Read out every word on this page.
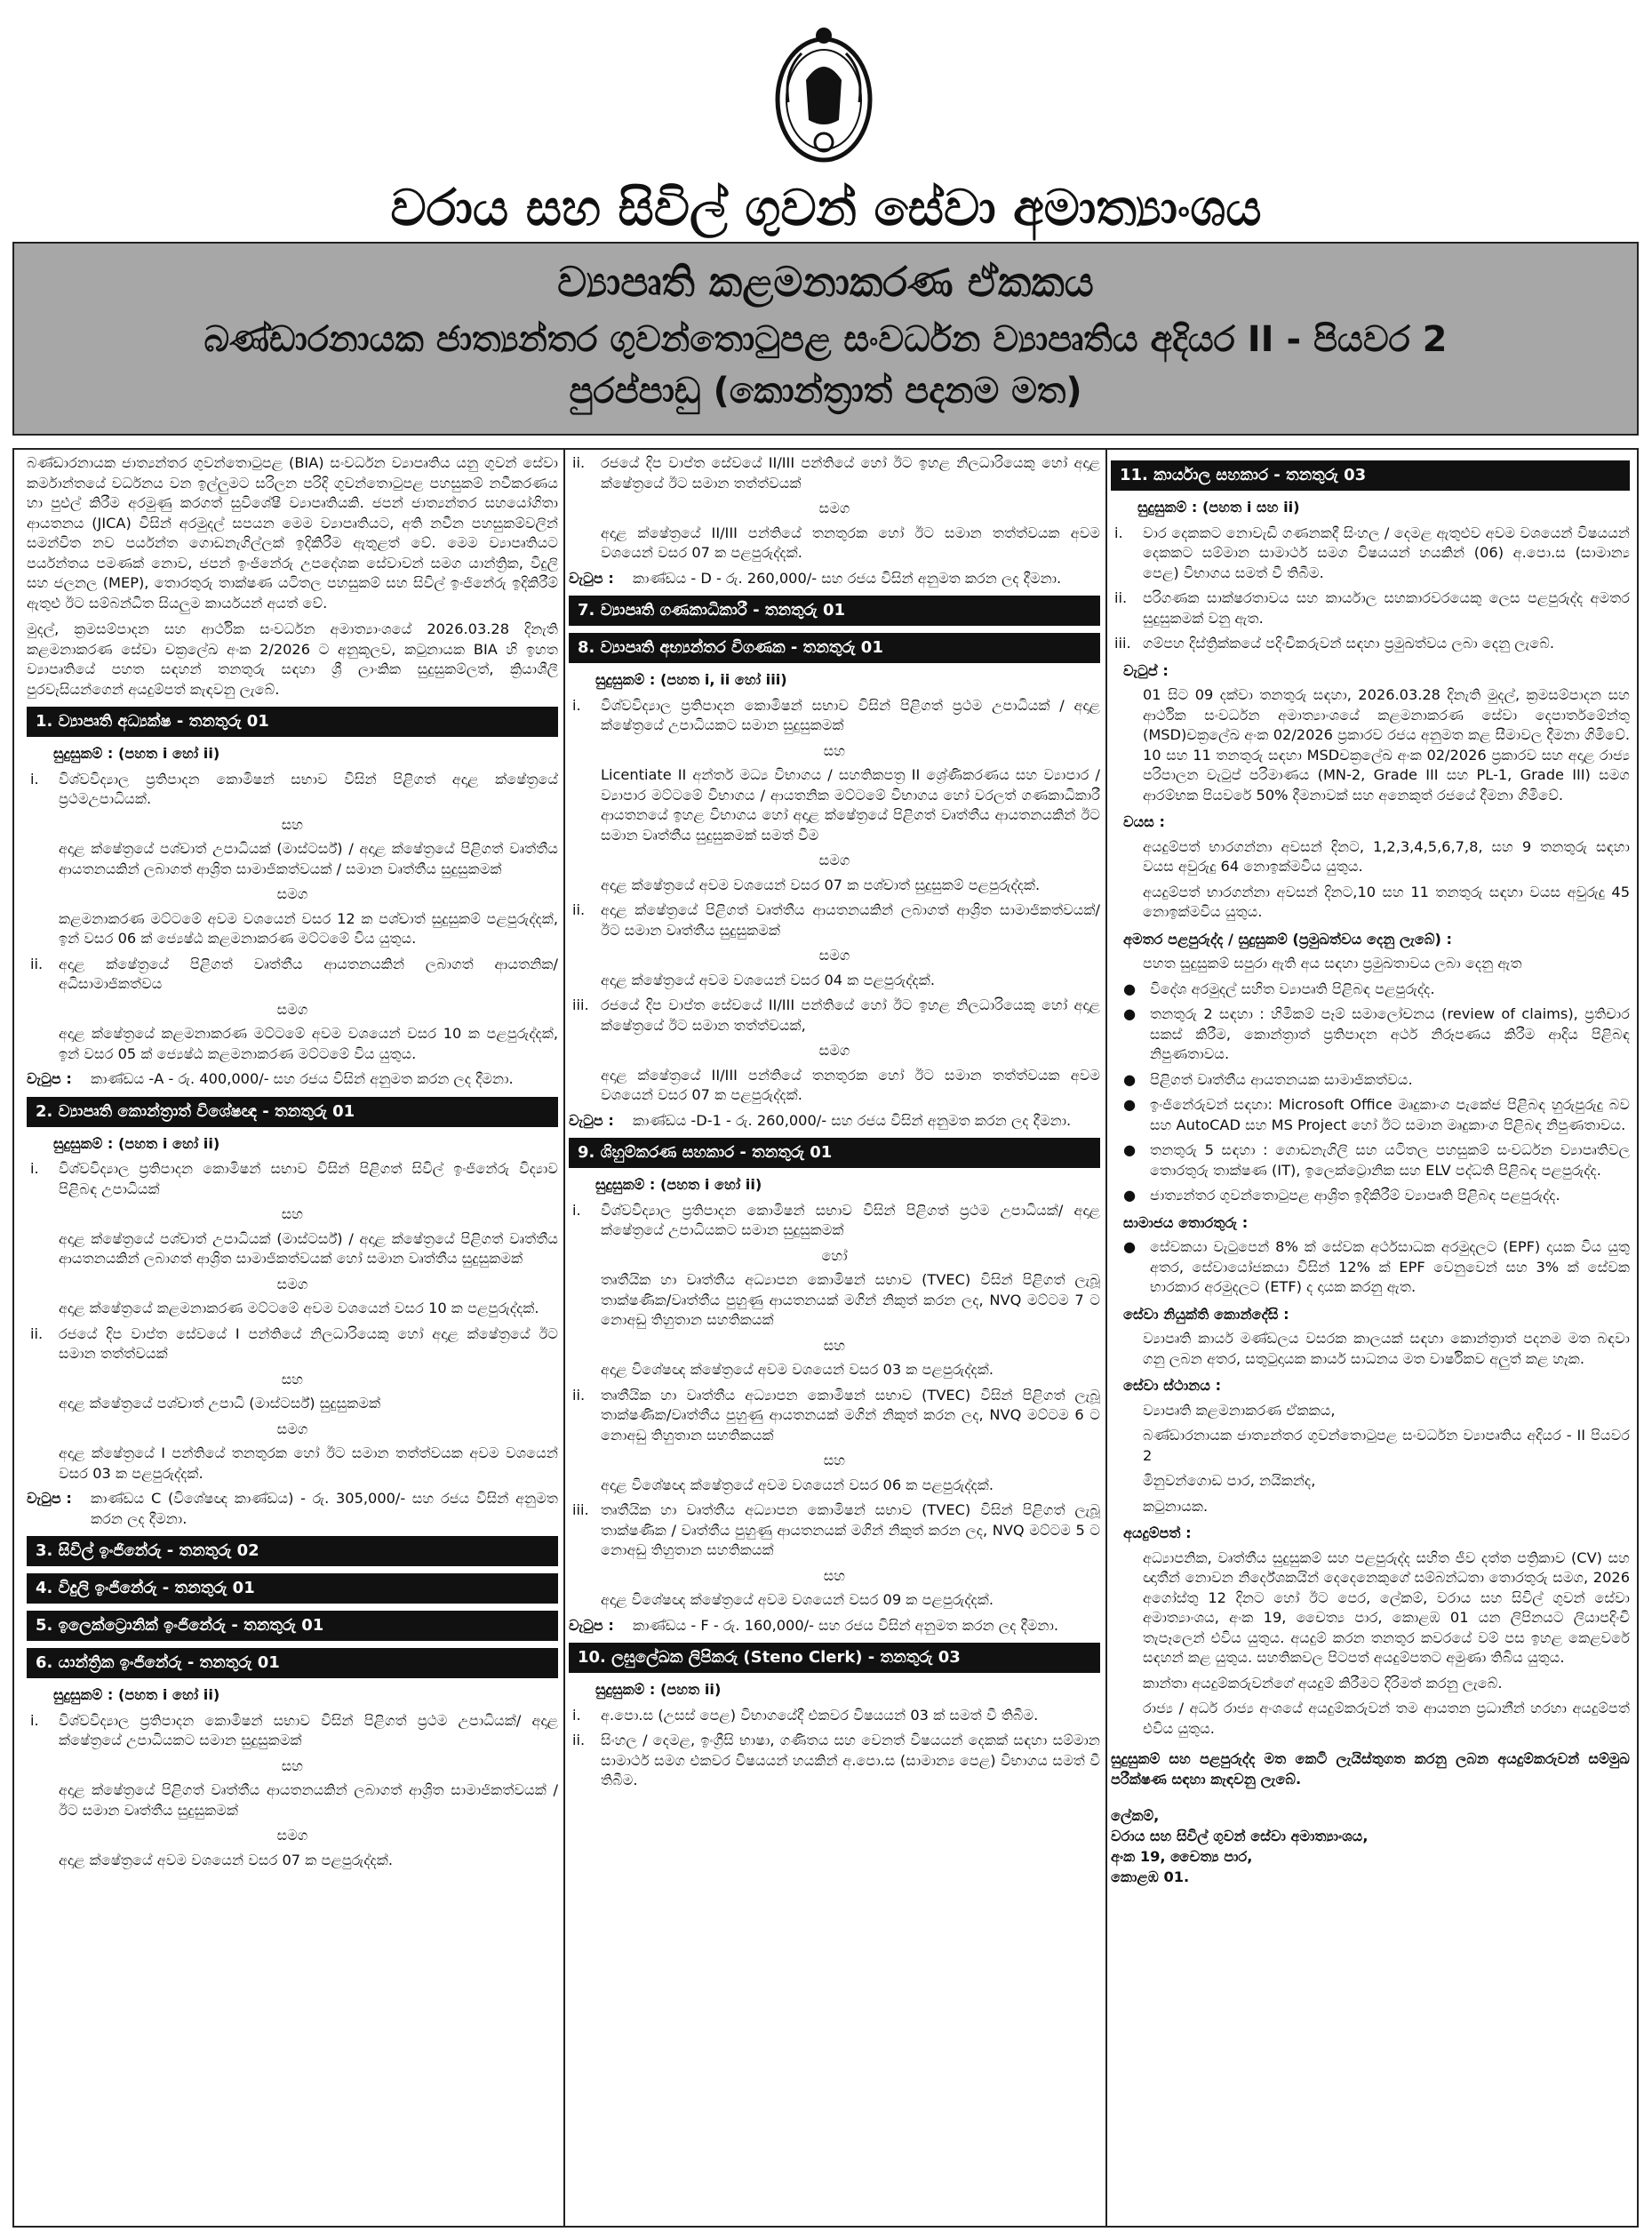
වරාය සහ සිවිල් ගුවන් සේවා අමාත්‍යාංශය
ව්‍යාපෘති කළමනාකරණ ඒකකය
බණ්ඩාරනායක ජාත්‍යන්තර ගුවන්තොටුපළ සංවර්ධන ව්‍යාපෘතිය අදියර II - පියවර 2
පුරප්පාඩු (කොන්ත්‍රාත් පදනම මත)

බණ්ඩාරනායක ජාත්‍යන්තර ගුවන්තොටුපළ (BIA) සංවර්ධන ව්‍යාපෘතිය යනු ගුවන් සේවා කර්මාන්තයේ වර්ධනය වන ඉල්ලුමට සරිලන පරිදි ගුවන්තොටුපළ පහසුකම් නවීකරණය හා පුළුල් කිරීම අරමුණු කරගත් සුවිශේෂී ව්‍යාපෘතියකි. ජපන් ජාත්‍යන්තර සහයෝගිතා ආයතනය (JICA) විසින් අරමුදල් සපයන මෙම ව්‍යාපෘතියට, අති නවීන පහසුකම්වලින් සමන්විත නව පර්යන්ත ගොඩනැගිල්ලක් ඉදිකිරීම ඇතුළත් වේ. මෙම ව්‍යාපෘතියට පර්යන්තය පමණක් නොව, ජපන් ඉංජිනේරු උපදේශක සේවාවන් සමග යාන්ත්‍රික, විදුලි සහ ජලනල (MEP), තොරතුරු තාක්ෂණ යටිතල පහසුකම් සහ සිවිල් ඉංජිනේරු ඉදිකිරීම් ඇතුළු ඊට සම්බන්ධිත සියලුම කාර්යයන් අයත් වේ.

මුදල්, ක්‍රමසම්පාදන සහ ආර්ථික සංවර්ධන අමාත්‍යාංශයේ 2026.03.28 දිනැති කළමනාකරණ සේවා චක්‍රලේඛ අංක 2/2026 ට අනුකූලව, කටුනායක BIA හි ඉහත ව්‍යාපෘතියේ පහත සඳහන් තනතුරු සඳහා ශ්‍රී ලාංකික සුදුසුකම්ලත්, ක්‍රියාශීලී පුරවැසියන්ගෙන් අයදුම්පත් කැඳවනු ලැබේ.

1. ව්‍යාපෘති අධ්‍යක්ෂ - තනතුරු 01
සුදුසුකම් : (පහත i හෝ ii)
i.	විශ්වවිද්‍යාල ප්‍රතිපාදන කොමිෂන් සභාව විසින් පිළිගත් අදාළ ක්ෂේත්‍රයේ ප්‍රථමඋපාධියක්.
සහ
අදාළ ක්ෂේත්‍රයේ පශ්චාත් උපාධියක් (මාස්ටර්ස්) / අදාළ ක්ෂේත්‍රයේ පිළිගත් වෘත්තීය ආයතනයකින් ලබාගත් ආශ්‍රිත සාමාජිකත්වයක් / සමාන වෘත්තීය සුදුසුකමක්
සමග
කළමනාකරණ මට්ටමේ අවම වශයෙන් වසර 12 ක පශ්චාත් සුදුසුකම් පළපුරුද්දක්, ඉන් වසර 06 ක් ජ්‍යෙෂ්ඨ කළමනාකරණ මට්ටමේ විය යුතුය.
ii.	අදාළ ක්ෂේත්‍රයේ පිළිගත් වෘත්තීය ආයතනයකින් ලබාගත් ආයතනික/ අධිසාමාජිකත්වය
සමග
අදාළ ක්ෂේත්‍රයේ කළමනාකරණ මට්ටමේ අවම වශයෙන් වසර 10 ක පළපුරුද්දක්, ඉන් වසර 05 ක් ජ්‍යෙෂ්ඨ කළමනාකරණ මට්ටමේ විය යුතුය.
වැටුප :	කාණ්ඩය -A - රු. 400,000/- සහ රජය විසින් අනුමත කරන ලද දීමනා.
2. ව්‍යාපෘති කොන්ත්‍රාත් විශේෂඥ - තනතුරු 01
සුදුසුකම් : (පහත i හෝ ii)
i.	විශ්වවිද්‍යාල ප්‍රතිපාදන කොමිෂන් සභාව විසින් පිළිගත් සිවිල් ඉංජිනේරු විද්‍යාව පිළිබඳ උපාධියක්
සහ
අදාළ ක්ෂේත්‍රයේ පශ්චාත් උපාධියක් (මාස්ටර්ස්) / අදාළ ක්ෂේත්‍රයේ පිළිගත් වෘත්තීය ආයතනයකින් ලබාගත් ආශ්‍රිත සාමාජිකත්වයක් හෝ සමාන වෘත්තීය සුදුසුකමක්
සමග
අදාළ ක්ෂේත්‍රයේ කළමනාකරණ මට්ටමේ අවම වශයෙන් වසර 10 ක පළපුරුද්දක්.
ii.	රජයේ දිප වාප්ත සේවයේ I පන්තියේ නිලධාරියෙකු හෝ අදාළ ක්ෂේත්‍රයේ ඊට සමාන තත්ත්වයක්
සහ
අදාළ ක්ෂේත්‍රයේ පශ්චාත් උපාධි (මාස්ටර්ස්) සුදුසුකමක්
සමග
අදාළ ක්ෂේත්‍රයේ I පන්තියේ තනතුරක හෝ ඊට සමාන තත්ත්වයක අවම වශයෙන් වසර 03 ක පළපුරුද්දක්.
වැටුප :	කාණ්ඩය C (විශේෂඥ කාණ්ඩය) - රු. 305,000/- සහ රජය විසින් අනුමත කරන ලද දීමනා.
3. සිවිල් ඉංජිනේරු - තනතුරු 02
4. විදුලි ඉංජිනේරු - තනතුරු 01
5. ඉලෙක්ට්‍රොනික් ඉංජිනේරු - තනතුරු 01
6. යාන්ත්‍රික ඉංජිනේරු - තනතුරු 01
සුදුසුකම් : (පහත i හෝ ii)
i.	විශ්වවිද්‍යාල ප්‍රතිපාදන කොමිෂන් සභාව විසින් පිළිගත් ප්‍රථම උපාධියක්/ අදාළ ක්ෂේත්‍රයේ උපාධියකට සමාන සුදුසුකමක්
සහ
අදාළ ක්ෂේත්‍රයේ පිළිගත් වෘත්තීය ආයතනයකින් ලබාගත් ආශ්‍රිත සාමාජිකත්වයක් / ඊට සමාන වෘත්තීය සුදුසුකමක්
සමග
අදාළ ක්ෂේත්‍රයේ අවම වශයෙන් වසර 07 ක පළපුරුද්දක්.
ii.	රජයේ දිප වාප්ත සේවයේ II/III පන්තියේ හෝ ඊට ඉහළ නිලධාරියෙකු හෝ අදාළ ක්ෂේත්‍රයේ ඊට සමාන තත්ත්වයක්
සමග
අදාළ ක්ෂේත්‍රයේ II/III පන්තියේ තනතුරක හෝ ඊට සමාන තත්ත්වයක අවම වශයෙන් වසර 07 ක පළපුරුද්දක්.
වැටුප :	කාණ්ඩය - D - රු. 260,000/- සහ රජය විසින් අනුමත කරන ලද දීමනා.
7. ව්‍යාපෘති ගණකාධිකාරී - තනතුරු 01
8. ව්‍යාපෘති අභ්‍යන්තර විගණක - තනතුරු 01
සුදුසුකම් : (පහත i, ii හෝ iii)
i.	විශ්වවිද්‍යාල ප්‍රතිපාදන කොමිෂන් සභාව විසින් පිළිගත් ප්‍රථම උපාධියක් / අදාළ ක්ෂේත්‍රයේ උපාධියකට සමාන සුදුසුකමක්
සහ
Licentiate II අන්තර් මධ්‍ය විභාගය / සහතිකපත්‍ර II ශ්‍රේණිකරණය සහ ව්‍යාපාර / ව්‍යාපාර මට්ටමේ විභාගය / ආයතනික මට්ටමේ විභාගය හෝ වරලත් ගණකාධිකාරී ආයතනයේ ඉහළ විභාගය හෝ අදාළ ක්ෂේත්‍රයේ පිළිගත් වෘත්තීය ආයතනයකින් ඊට සමාන වෘත්තීය සුදුසුකමක් සමත් වීම
සමග
අදාළ ක්ෂේත්‍රයේ අවම වශයෙන් වසර 07 ක පශ්චාත් සුදුසුකම් පළපුරුද්දක්.
ii.	අදාළ ක්ෂේත්‍රයේ පිළිගත් වෘත්තීය ආයතනයකින් ලබාගත් ආශ්‍රිත සාමාජිකත්වයක්/ ඊට සමාන වෘත්තීය සුදුසුකමක්
සමග
අදාළ ක්ෂේත්‍රයේ අවම වශයෙන් වසර 04 ක පළපුරුද්දක්.
iii. රජයේ දිප වාප්ත සේවයේ II/III පන්තියේ හෝ ඊට ඉහළ නිලධාරියෙකු හෝ අදාළ ක්ෂේත්‍රයේ ඊට සමාන තත්ත්වයක්,
සමග
අදාළ ක්ෂේත්‍රයේ II/III පන්තියේ තනතුරක හෝ ඊට සමාන තත්ත්වයක අවම වශයෙන් වසර 07 ක පළපුරුද්දක්.
වැටුප :	කාණ්ඩය -D-1 - රු. 260,000/- සහ රජය විසින් අනුමත කරන ලද දීමනා.
9. ශිහුම්කරණ සහකාර - තනතුරු 01
සුදුසුකම් : (පහත i හෝ ii)
i.	විශ්වවිද්‍යාල ප්‍රතිපාදන කොමිෂන් සභාව විසින් පිළිගත් ප්‍රථම උපාධියක්/ අදාළ ක්ෂේත්‍රයේ උපාධියකට සමාන සුදුසුකමක්
හෝ
තෘතීයික හා වෘත්තීය අධ්‍යාපන කොමිෂන් සභාව (TVEC) විසින් පිළිගත් ලැබූ තාක්ෂණික/වෘත්තීය පුහුණු ආයතනයක් මගින් නිකුත් කරන ලද, NVQ මට්ටම 7 ට නොඅඩු තිහුතාන සහතිකයක්
සහ
අදාළ විශේෂඥ ක්ෂේත්‍රයේ අවම වශයෙන් වසර 03 ක පළපුරුද්දක්.
ii.	තෘතීයික හා වෘත්තීය අධ්‍යාපන කොමිෂන් සභාව (TVEC) විසින් පිළිගත් ලැබූ තාක්ෂණික/වෘත්තීය පුහුණු ආයතනයක් මගින් නිකුත් කරන ලද, NVQ මට්ටම 6 ට නොඅඩු තිහුතාන සහතිකයක්
සහ
අදාළ විශේෂඥ ක්ෂේත්‍රයේ අවම වශයෙන් වසර 06 ක පළපුරුද්දක්.
iii. තෘතීයික හා වෘත්තීය අධ්‍යාපන කොමිෂන් සභාව (TVEC) විසින් පිළිගත් ලැබූ තාක්ෂණික / වෘත්තීය පුහුණු ආයතනයක් මගින් නිකුත් කරන ලද, NVQ මට්ටම 5 ට නොඅඩු තිහුතාන සහතිකයක්
සහ
අදාළ විශේෂඥ ක්ෂේත්‍රයේ අවම වශයෙන් වසර 09 ක පළපුරුද්දක්.
වැටුප :	කාණ්ඩය - F - රු. 160,000/- සහ රජය විසින් අනුමත කරන ලද දීමනා.
10. ලඝුලේඛක ලිපිකරු (Steno Clerk) - තනතුරු 03
සුදුසුකම් : (පහත ii)
i.	අ.පො.ස (උසස් පෙළ) විභාගයේදී එකවර විෂයයන් 03 ක් සමත් වී තිබීම.
ii.	සිංහල / දෙමළ, ඉංග්‍රීසි භාෂා, ගණිතය සහ වෙනත් විෂයයන් දෙකක් සඳහා සම්මාන සාමාර්ථ සමග එකවර විෂයයන් හයකින් අ.පො.ස (සාමාන්‍ය පෙළ) විභාගය සමත් වී තිබීම.
11. කාර්යාල සහකාර - තනතුරු 03
සුදුසුකම් : (පහත i සහ ii)
i.	වාර දෙකකට නොවැඩි ගණනකදී සිංහල / දෙමළ ඇතුළුව අවම වශයෙන් විෂයයන් දෙකකට සම්මාන සාමාර්ථ සමග විෂයයන් හයකින් (06) අ.පො.ස (සාමාන්‍ය පෙළ) විභාගය සමත් වී තිබීම.
ii.	පරිගණක සාක්ෂරතාවය සහ කාර්යාල සහකාරවරයෙකු ලෙස පළපුරුද්ද අමතර සුදුසුකමක් වනු ඇත.
iii. ගම්පහ දිස්ත්‍රික්කයේ පදිංචිකරුවන් සඳහා ප්‍රමුඛත්වය ලබා දෙනු ලැබේ.
වැටුප් :
01 සිට 09 දක්වා තනතුරු සඳහා, 2026.03.28 දිනැති මුදල්, ක්‍රමසම්පාදන සහ ආර්ථික සංවර්ධන අමාත්‍යාංශයේ කළමනාකරණ සේවා දෙපාර්තමේන්තු (MSD)චක්‍රලේඛ අංක 02/2026 ප්‍රකාරව රජය අනුමත කළ සීමාවල දීමනා ගිමිවේ. 10 සහ 11 තනතුරු සඳහා MSDචක්‍රලේඛ අංක 02/2026 ප්‍රකාරව සහ අදාළ රාජ්‍ය පරිපාලන වැටුප් පරිමාණය (MN-2, Grade III සහ PL-1, Grade III) සමග ආරම්භක පියවරේ 50% දීමනාවක් සහ අනෙකුත් රජයේ දීමනා ගිමිවේ.
වයස :
අයදුම්පත් භාරගන්නා අවසන් දිනට, 1,2,3,4,5,6,7,8, සහ 9 තනතුරු සඳහා වයස අවුරුදු 64 නොඉක්මවිය යුතුය.
අයදුම්පත් භාරගන්නා අවසන් දිනට,10 සහ 11 තනතුරු සඳහා වයස අවුරුදු 45 නොඉක්මවිය යුතුය.
අමතර පළපුරුද්ද / සුදුසුකම් (ප්‍රමුඛත්වය දෙනු ලැබේ) :
පහත සුදුසුකම් සපුරා ඇති අය සඳහා ප්‍රමුඛතාවය ලබා දෙනු ඇත
● විදේශ අරමුදල් සහිත ව්‍යාපෘති පිළිබඳ පළපුරුද්ද.
● තනතුරු 2 සඳහා : හිමිකම් පෑම් සමාලෝචනය (review of claims), ප්‍රතිචාර සකස් කිරීම, කොන්ත්‍රාත් ප්‍රතිපාදන අර්ථ නිරූපණය කිරීම ආදිය පිළිබඳ නිපුණතාවය.
● පිළිගත් වෘත්තීය ආයතනයක සාමාජිකත්වය.
● ඉංජිනේරුවන් සඳහා: Microsoft Office මෘදුකාංග පැකේජ පිළිබඳ හුරුපුරුදු බව සහ AutoCAD සහ MS Project හෝ ඊට සමාන මෘදුකාංග පිළිබඳ නිපුණතාවය.
● තනතුරු 5 සඳහා : ගොඩනැගිලි සහ යටිතල පහසුකම් සංවර්ධන ව්‍යාපෘතිවල තොරතුරු තාක්ෂණ (IT), ඉලෙක්ට්‍රොනික සහ ELV පද්ධති පිළිබඳ පළපුරුද්ද.
● ජාත්‍යන්තර ගුවන්තොටුපළ ආශ්‍රිත ඉදිකිරීම් ව්‍යාපෘති පිළිබඳ පළපුරුද්ද.
සාමාජය තොරතුරු :
● සේවකයා වැටුපෙන් 8% ක් සේවක අර්ථසාධක අරමුදලට (EPF) දායක විය යුතු අතර, සේවායෝජකයා විසින් 12% ක් EPF වෙනුවෙන් සහ 3% ක් සේවක භාරකාර අරමුදලට (ETF) ද දායක කරනු ඇත.
සේවා නියුක්ති කොන්දේසි :
ව්‍යාපෘති කාර්ය මණ්ඩලය වසරක කාලයක් සඳහා කොන්ත්‍රාත් පදනම මත බඳවා ගනු ලබන අතර, සතුටුදායක කාර්ය සාධනය මත වාර්ෂිකව අලුත් කළ හැක.
සේවා ස්ථානය :
ව්‍යාපෘති කළමනාකරණ ඒකකය,
බණ්ඩාරනායක ජාත්‍යන්තර ගුවන්තොටුපළ සංවර්ධන ව්‍යාපෘතිය අදියර - II පියවර 2
මිනුවන්ගොඩ පාර, නයිකන්ද,
කටුනායක.
අයදුම්පත් :
අධ්‍යාපනික, වෘත්තීය සුදුසුකම් සහ පළපුරුද්ද සහිත ජීව දත්ත පත්‍රිකාව (CV) සහ ඥාතීන් නොවන නිර්දේශකයින් දෙදෙනෙකුගේ සම්බන්ධතා තොරතුරු සමග, 2026 අගෝස්තු 12 දිනට හෝ ඊට පෙර, ලේකම්, වරාය සහ සිවිල් ගුවන් සේවා අමාත්‍යාංශය, අංක 19, චෛත්‍ය පාර, කොළඹ 01 යන ලිපිනයට ලියාපදිංචි තැපෑලෙන් එවිය යුතුය. අයදුම් කරන තනතුර කවරයේ වම් පස ඉහළ කෙළවරේ සඳහන් කළ යුතුය. සහතිකවල පිටපත් අයදුම්පතට අමුණා තිබිය යුතුය.
කාන්තා අයදුම්කරුවන්ගේ අයදුම් කිරීමට දිරිමත් කරනු ලැබේ.
රාජ්‍ය / අර්ධ රාජ්‍ය අංශයේ අයදුම්කරුවන් තම ආයතන ප්‍රධානීන් හරහා අයදුම්පත් එවිය යුතුය.

සුදුසුකම් සහ පළපුරුද්ද මත කෙටි ලැයිස්තුගත කරනු ලබන අයදුම්කරුවන් සම්මුඛ පරීක්ෂණ සඳහා කැඳවනු ලැබේ.

ලේකම්,
වරාය සහ සිවිල් ගුවන් සේවා අමාත්‍යාංශය,
අංක 19, චෛත්‍ය පාර,
කොළඹ 01.
